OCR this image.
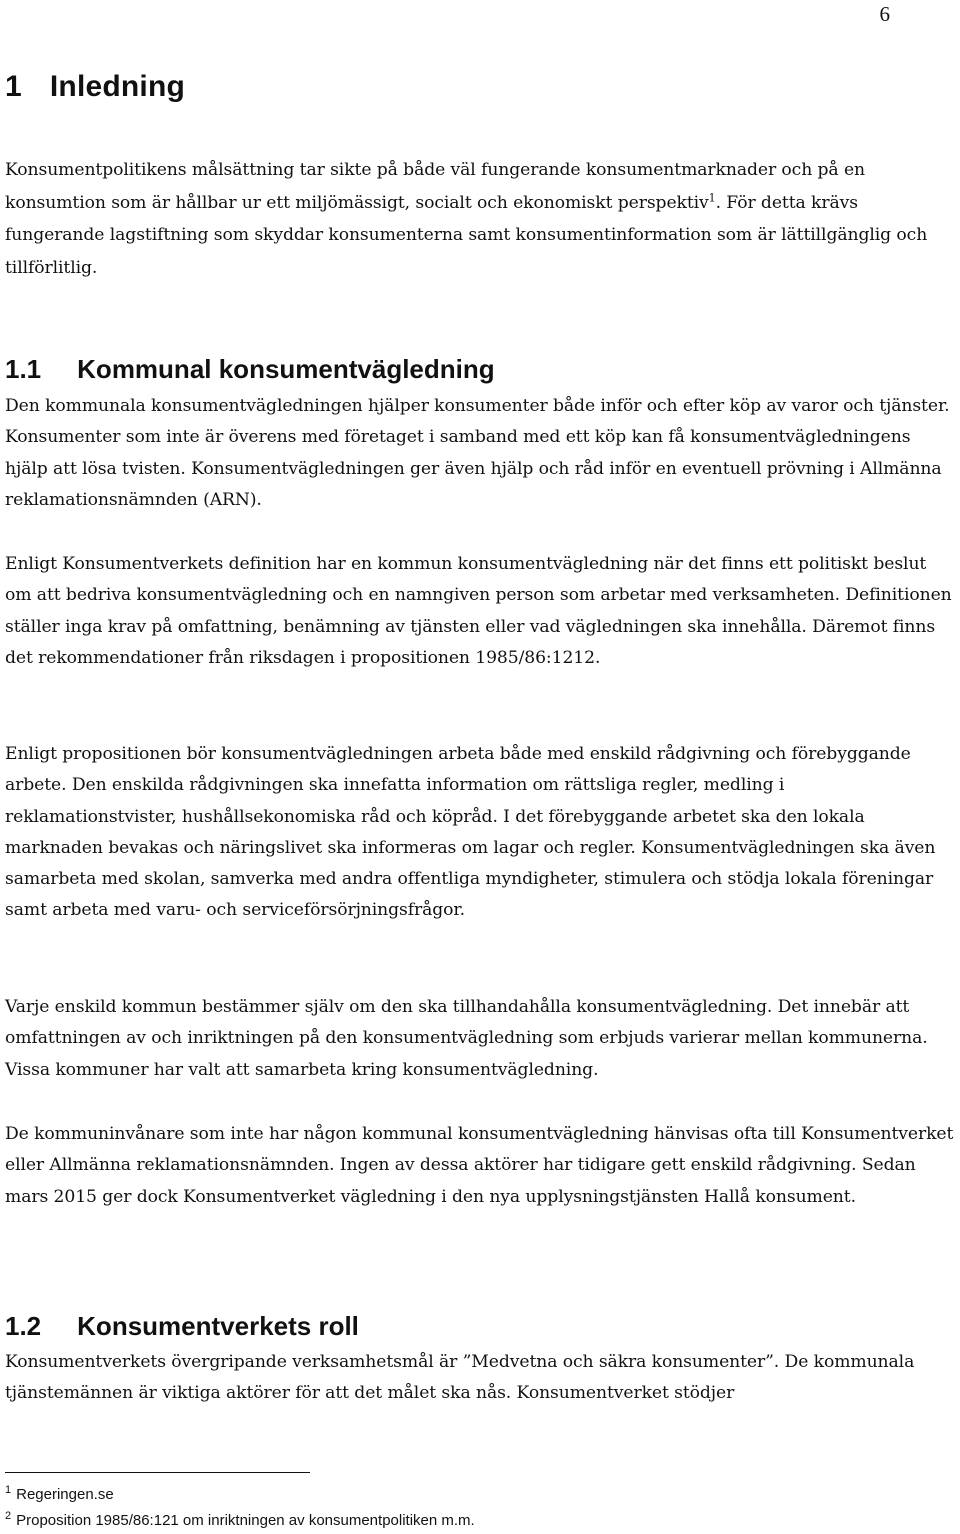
6
1 Inledning

Konsumentpolitikens målsättning tar sikte på både väl fungerande konsumentmarknader och på en konsumtion som är hållbar ur ett miljömässigt, socialt och ekonomiskt perspektiv$^1$. För detta krävs fungerande lagstiftning som skyddar konsumenterna samt konsumentinformation som är lättillgänglig och tillförlitlig.

1.1 Kommunal konsumentvägledning

Den kommunala konsumentvägledningen hjälper konsumenter både inför och efter köp av varor och tjänster. Konsumenter som inte är överens med företaget i samband med ett köp kan få konsumentvägledningens hjälp att lösa tvisten. Konsumentvägledningen ger även hjälp och råd inför en eventuell prövning i Allmänna reklamationsnämnden (ARN).

Enligt Konsumentverkets definition har en kommun konsumentvägledning när det finns ett politiskt beslut om att bedriva konsumentvägledning och en namngiven person som arbetar med verksamheten. Definitionen ställer inga krav på omfattning, benämning av tjänsten eller vad vägledningen ska innehålla. Däremot finns det rekommendationer från riksdagen i propositionen 1985/86:1212.

Enligt propositionen bör konsumentvägledningen arbeta både med enskild rådgivning och förebyggande arbete. Den enskilda rådgivningen ska innefatta information om rättsliga regler, medling i reklamationstvister, hushållsekonomiska råd och köpråd. I det förebyggande arbetet ska den lokala marknaden bevakas och näringslivet ska informeras om lagar och regler. Konsumentvägledningen ska även samarbeta med skolan, samverka med andra offentliga myndigheter, stimulera och stödja lokala föreningar samt arbeta med varu- och serviceförsörjningsfrågor.

Varje enskild kommun bestämmer själv om den ska tillhandahålla konsumentvägledning. Det innebär att omfattningen av och inriktningen på den konsumentvägledning som erbjuds varierar mellan kommunerna. Vissa kommuner har valt att samarbeta kring konsumentvägledning.

De kommuninvånare som inte har någon kommunal konsumentvägledning hänvisas ofta till Konsumentverket eller Allmänna reklamationsnämnden. Ingen av dessa aktörer har tidigare gett enskild rådgivning. Sedan mars 2015 ger dock Konsumentverket vägledning i den nya upplysningstjänsten Hallå konsument.

1.2 Konsumentverkets roll

Konsumentverkets övergripande verksamhetsmål är ”Medvetna och säkra konsumenter”. De kommunala tjänstemännen är viktiga aktörer för att det målet ska nås. Konsumentverket stödjer

$^1$ Regeringen.se
$^2$ Proposition 1985/86:121 om inriktningen av konsumentpolitiken m.m.
